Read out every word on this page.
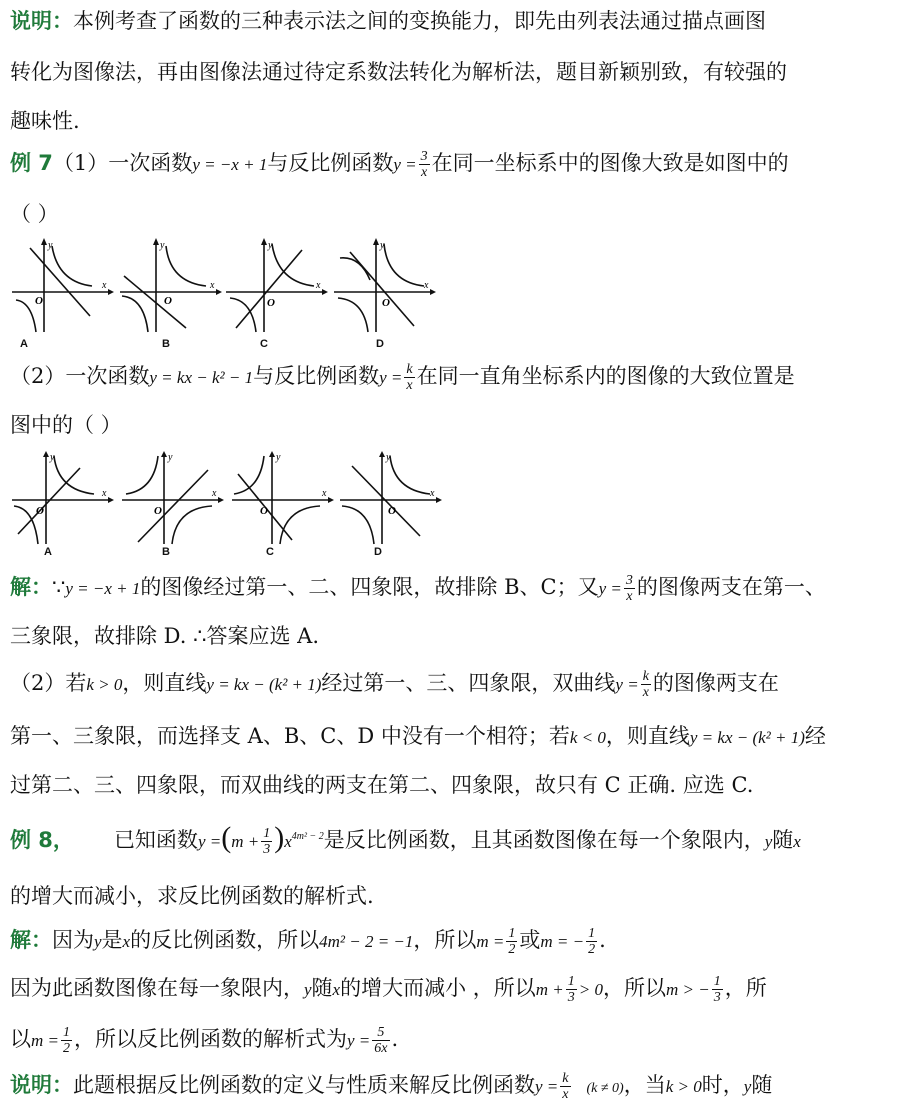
说明：本例考查了函数的三种表示法之间的变换能力，即先由列表法通过描点画图
转化为图像法，再由图像法通过待定系数法转化为解析法，题目新颖别致，有较强的
趣味性.
例 7（1）一次函数y = −x + 1与反比例函数$y = \frac{3}{x}$ 在同一坐标系中的图像大致是如图中的
（ ）
y
x
O
A
y
x
O
B
y
x
O
C
y
x
O
D
（2）一次函数y = kx − k² − 1与反比例函数$y = \frac{k}{x}$ 在同一直角坐标系内的图像的大致位置是
图中的（ ）
y
x
O
A
y
x
O
B
y
x
O
C
y
x
O
D
解：∵y = −x + 1的图像经过第一、二、四象限，故排除 B、C；又$y = \frac{3}{x}$ 的图像两支在第一、
三象限，故排除 D. ∴答案应选 A.
（2）若k > 0，则直线y = kx − (k² + 1)经过第一、三、四象限，双曲线$y = \frac{k}{x}$ 的图像两支在
第一、三象限，而选择支 A、B、C、D 中没有一个相符；若k < 0，则直线y = kx − (k² + 1)经
过第二、三、四象限，而双曲线的两支在第二、四象限，故只有 C 正确. 应选 C.
例 8， 已知函数$y =(m + \frac{1}{3} )x^{4m^2 - 2}$是反比例函数，且其函数图像在每一个象限内，y随x
的增大而减小，求反比例函数的解析式.
解：因为y是x的反比例函数，所以4m² − 2 = −1，所以$m = \frac{1}{2}$ 或m = − $\frac{1}{2}$ .
因为此函数图像在每一象限内，y随x的增大而减小 ，所以$m + \frac{1}{3} > 0$，所以m > − $\frac{1}{3}$ ，所
以$m = \frac{1}{2}$ ，所以反比例函数的解析式为$y = \frac{5}{6x}$ .
说明：此题根据反比例函数的定义与性质来解反比例函数$y = \frac{k}{x} (k \ne 0)$，当k > 0时，y随
